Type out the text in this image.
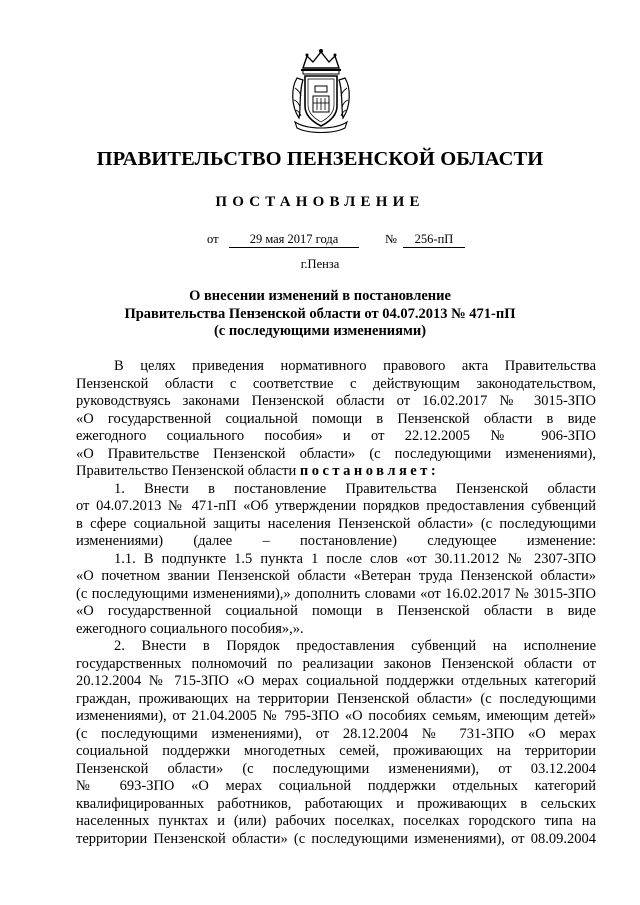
ПРАВИТЕЛЬСТВО ПЕНЗЕНСКОЙ ОБЛАСТИ
ПОСТАНОВЛЕНИЕ
от	29 мая 2017 года	№	256-пП
г.Пенза
О внесении изменений в постановление
Правительства Пензенской области от 04.07.2013 № 471-пП
(с последующими изменениями)
В целях приведения нормативного правового акта Правительства
Пензенской области с соответствие с действующим законодательством,
руководствуясь законами Пензенской области от 16.02.2017 № 3015-ЗПО
«О государственной социальной помощи в Пензенской области в виде
ежегодного социального пособия» и от 22.12.2005 № 906-ЗПО
«О Правительстве Пензенской области» (с последующими изменениями),
Правительство Пензенской области постановляет:
1. Внести в постановление Правительства Пензенской области
от 04.07.2013 № 471-пП «Об утверждении порядков предоставления субвенций
в сфере социальной защиты населения Пензенской области» (с последующими
изменениями) (далее – постановление) следующее изменение:
1.1. В подпункте 1.5 пункта 1 после слов «от 30.11.2012 № 2307-ЗПО
«О почетном звании Пензенской области «Ветеран труда Пензенской области»
(с последующими изменениями),» дополнить словами «от 16.02.2017 № 3015-ЗПО
«О государственной социальной помощи в Пензенской области в виде
ежегодного социального пособия»,».
2. Внести в Порядок предоставления субвенций на исполнение
государственных полномочий по реализации законов Пензенской области от
20.12.2004 № 715-ЗПО «О мерах социальной поддержки отдельных категорий
граждан, проживающих на территории Пензенской области» (с последующими
изменениями), от 21.04.2005 № 795-ЗПО «О пособиях семьям, имеющим детей»
(с последующими изменениями), от 28.12.2004 № 731-ЗПО «О мерах
социальной поддержки многодетных семей, проживающих на территории
Пензенской области» (с последующими изменениями), от 03.12.2004
№ 693-ЗПО «О мерах социальной поддержки отдельных категорий
квалифицированных работников, работающих и проживающих в сельских
населенных пунктах и (или) рабочих поселках, поселках городского типа на
территории Пензенской области» (с последующими изменениями), от 08.09.2004
